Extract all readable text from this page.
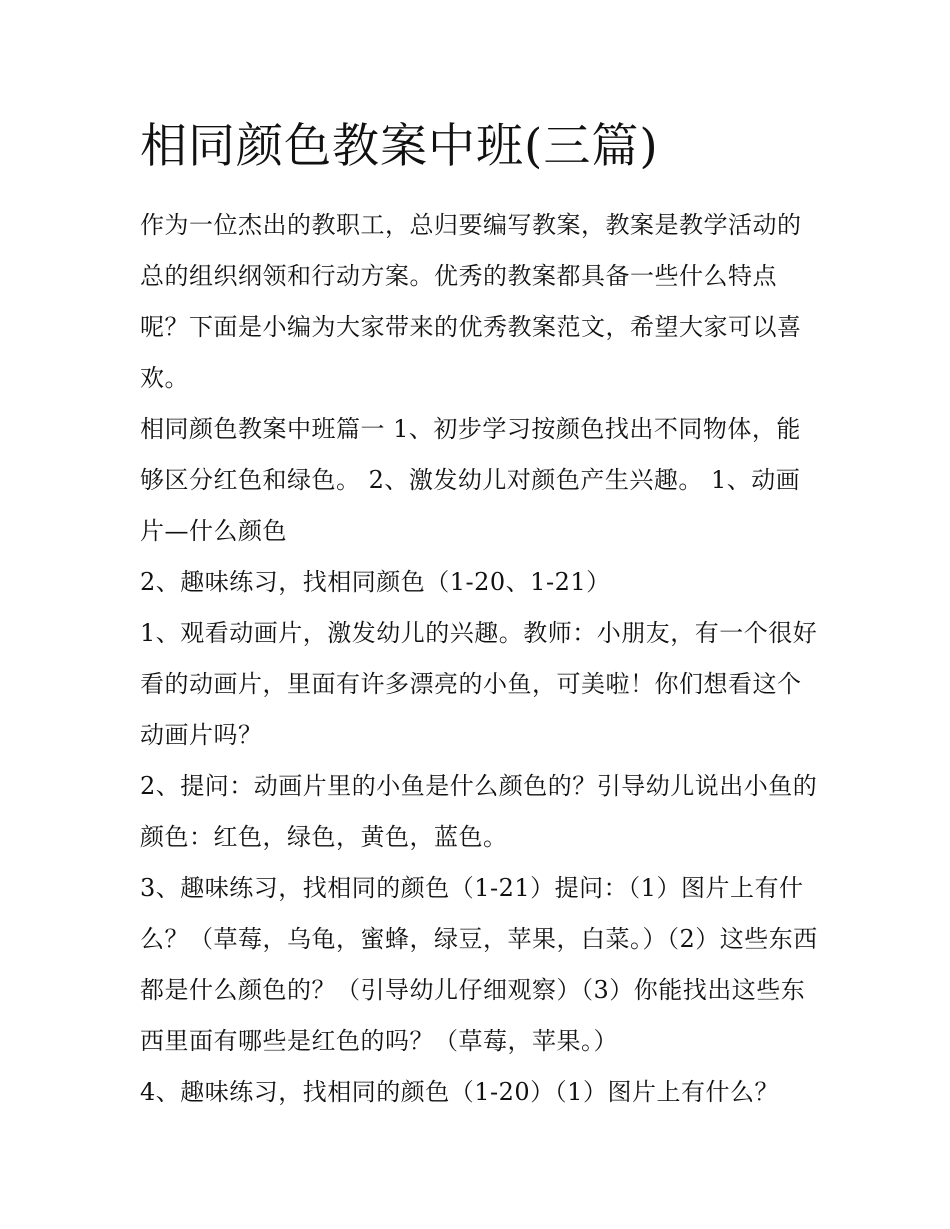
相同颜色教案中班(三篇)

作为一位杰出的教职工，总归要编写教案，教案是教学活动的总的组织纲领和行动方案。优秀的教案都具备一些什么特点呢？下面是小编为大家带来的优秀教案范文，希望大家可以喜欢。

相同颜色教案中班篇一 1、初步学习按颜色找出不同物体，能够区分红色和绿色。 2、激发幼儿对颜色产生兴趣。 1、动画片—什么颜色

2、趣味练习，找相同颜色（1-20、1-21）

1、观看动画片，激发幼儿的兴趣。教师：小朋友，有一个很好看的动画片，里面有许多漂亮的小鱼，可美啦！你们想看这个动画片吗？

2、提问：动画片里的小鱼是什么颜色的？引导幼儿说出小鱼的颜色：红色，绿色，黄色，蓝色。

3、趣味练习，找相同的颜色（1-21）提问：（1）图片上有什么？（草莓，乌龟，蜜蜂，绿豆，苹果，白菜。）（2）这些东西都是什么颜色的？（引导幼儿仔细观察）（3）你能找出这些东西里面有哪些是红色的吗？（草莓，苹果。）

4、趣味练习，找相同的颜色（1-20）（1）图片上有什么？
